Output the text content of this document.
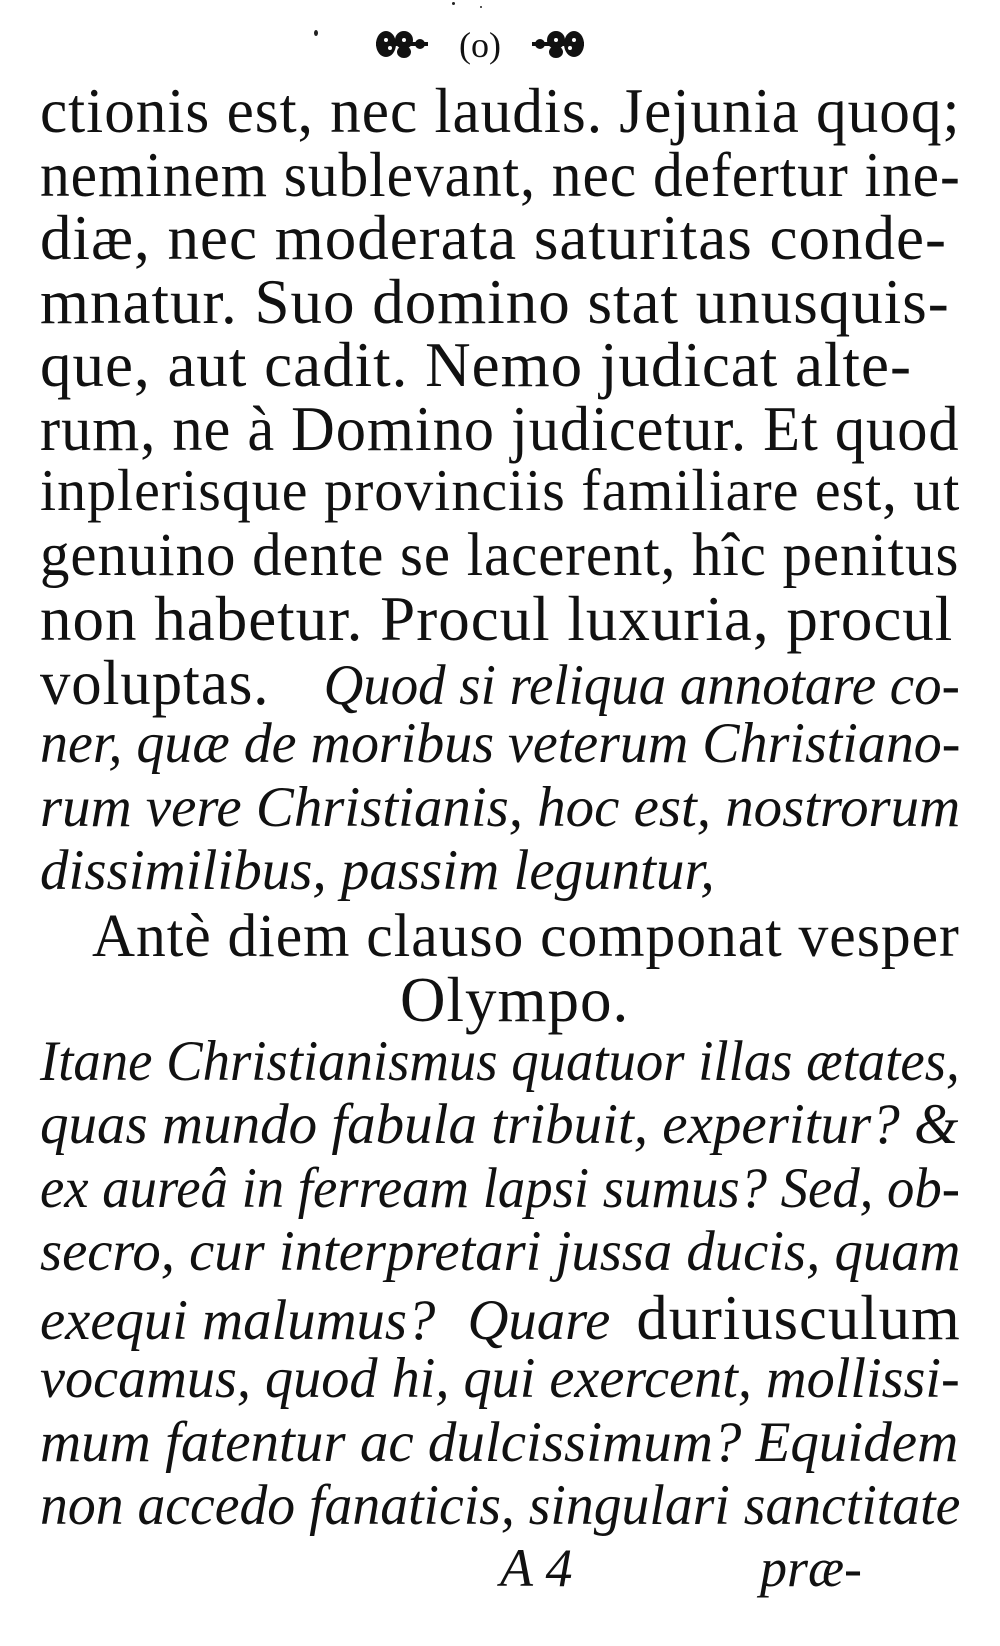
(o)
ctionis est, nec laudis. Jejunia quoq;
neminem sublevant, nec defertur ine-
diæ, nec moderata saturitas conde-
mnatur. Suo domino stat unusquis-
que, aut cadit. Nemo judicat alte-
rum, ne à Domino judicetur. Et quod
inplerisque provinciis familiare est, ut
genuino dente se lacerent, hîc penitus
non habetur. Procul luxuria, procul
voluptas. Quod si reliqua annotare co-
ner, quæ de moribus veterum Christiano-
rum vere Christianis, hoc est, nostrorum
dissimilibus, passim leguntur,
Antè diem clauso componat vesper
Olympo.
Itane Christianismus quatuor illas ætates,
quas mundo fabula tribuit, experitur? &
ex aureâ in ferream lapsi sumus? Sed, ob-
secro, cur interpretari jussa ducis, quam
exequi malumus? Quare duriusculum
vocamus, quod hi, qui exercent, mollissi-
mum fatentur ac dulcissimum? Equidem
non accedo fanaticis, singulari sanctitate
A 4	præ-
